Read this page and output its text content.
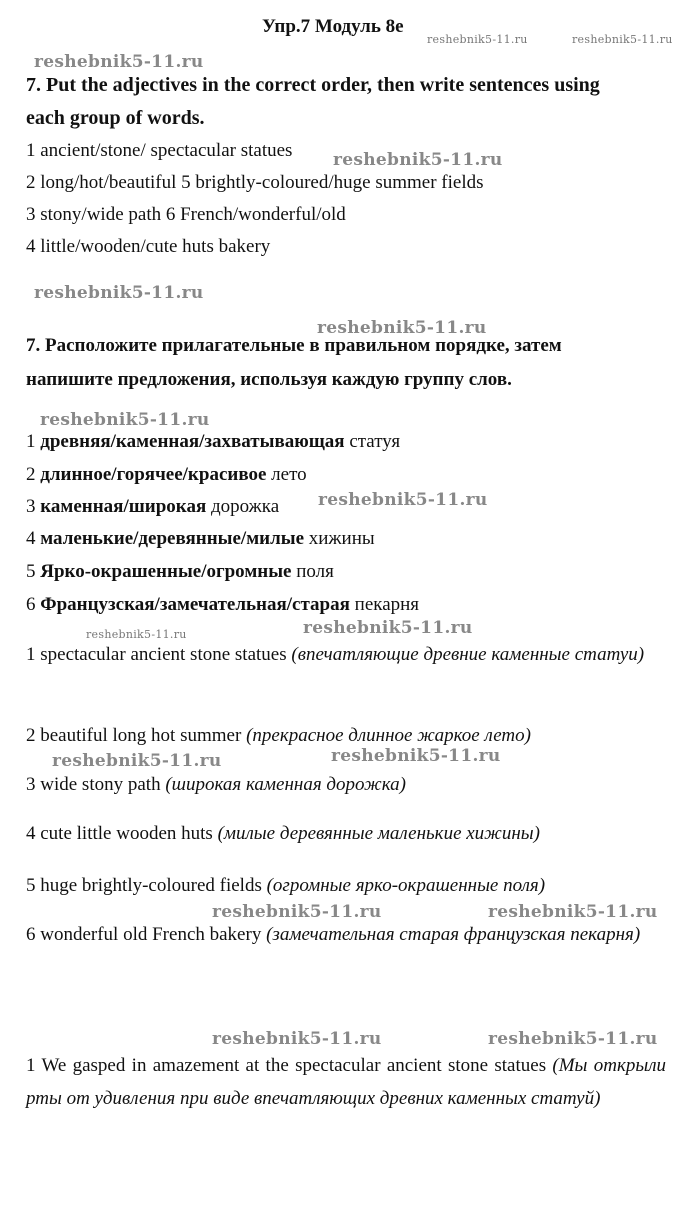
Упр.7 Модуль 8е
reshebnik5-11.ru	reshebnik5-11.ru
reshebnik5-11.ru
7. Put the adjectives in the correct order, then write sentences using
each group of words.
1 ancient/stone/ spectacular statues reshebnik5-11.ru
2 long/hot/beautiful 5 brightly-coloured/huge summer fields
3 stony/wide path 6 French/wonderful/old
4 little/wooden/cute huts bakery
reshebnik5-11.ru
reshebnik5-11.ru
7. Расположите прилагательные в правильном порядке, затем
напишите предложения, используя каждую группу слов.
reshebnik5-11.ru
1 древняя/каменная/захватывающая статуя
2 длинное/горячее/красивое лето
3 каменная/широкая дорожка reshebnik5-11.ru
4 маленькие/деревянные/милые хижины
5 Ярко-окрашенные/огромные поля
6 Французская/замечательная/старая пекарня
reshebnik5-11.ru	reshebnik5-11.ru
1 spectacular ancient stone statues (впечатляющие древние каменные статуи)
2 beautiful long hot summer (прекрасное длинное жаркое лето)
reshebnik5-11.ru	reshebnik5-11.ru
3 wide stony path (широкая каменная дорожка)
4 cute little wooden huts (милые деревянные маленькие хижины)
5 huge brightly-coloured fields (огромные ярко-окрашенные поля)
reshebnik5-11.ru	reshebnik5-11.ru
6 wonderful old French bakery (замечательная старая французская пекарня)
reshebnik5-11.ru	reshebnik5-11.ru
1 We gasped in amazement at the spectacular ancient stone statues (Мы открыли рты от удивления при виде впечатляющих древних каменных статуй)
